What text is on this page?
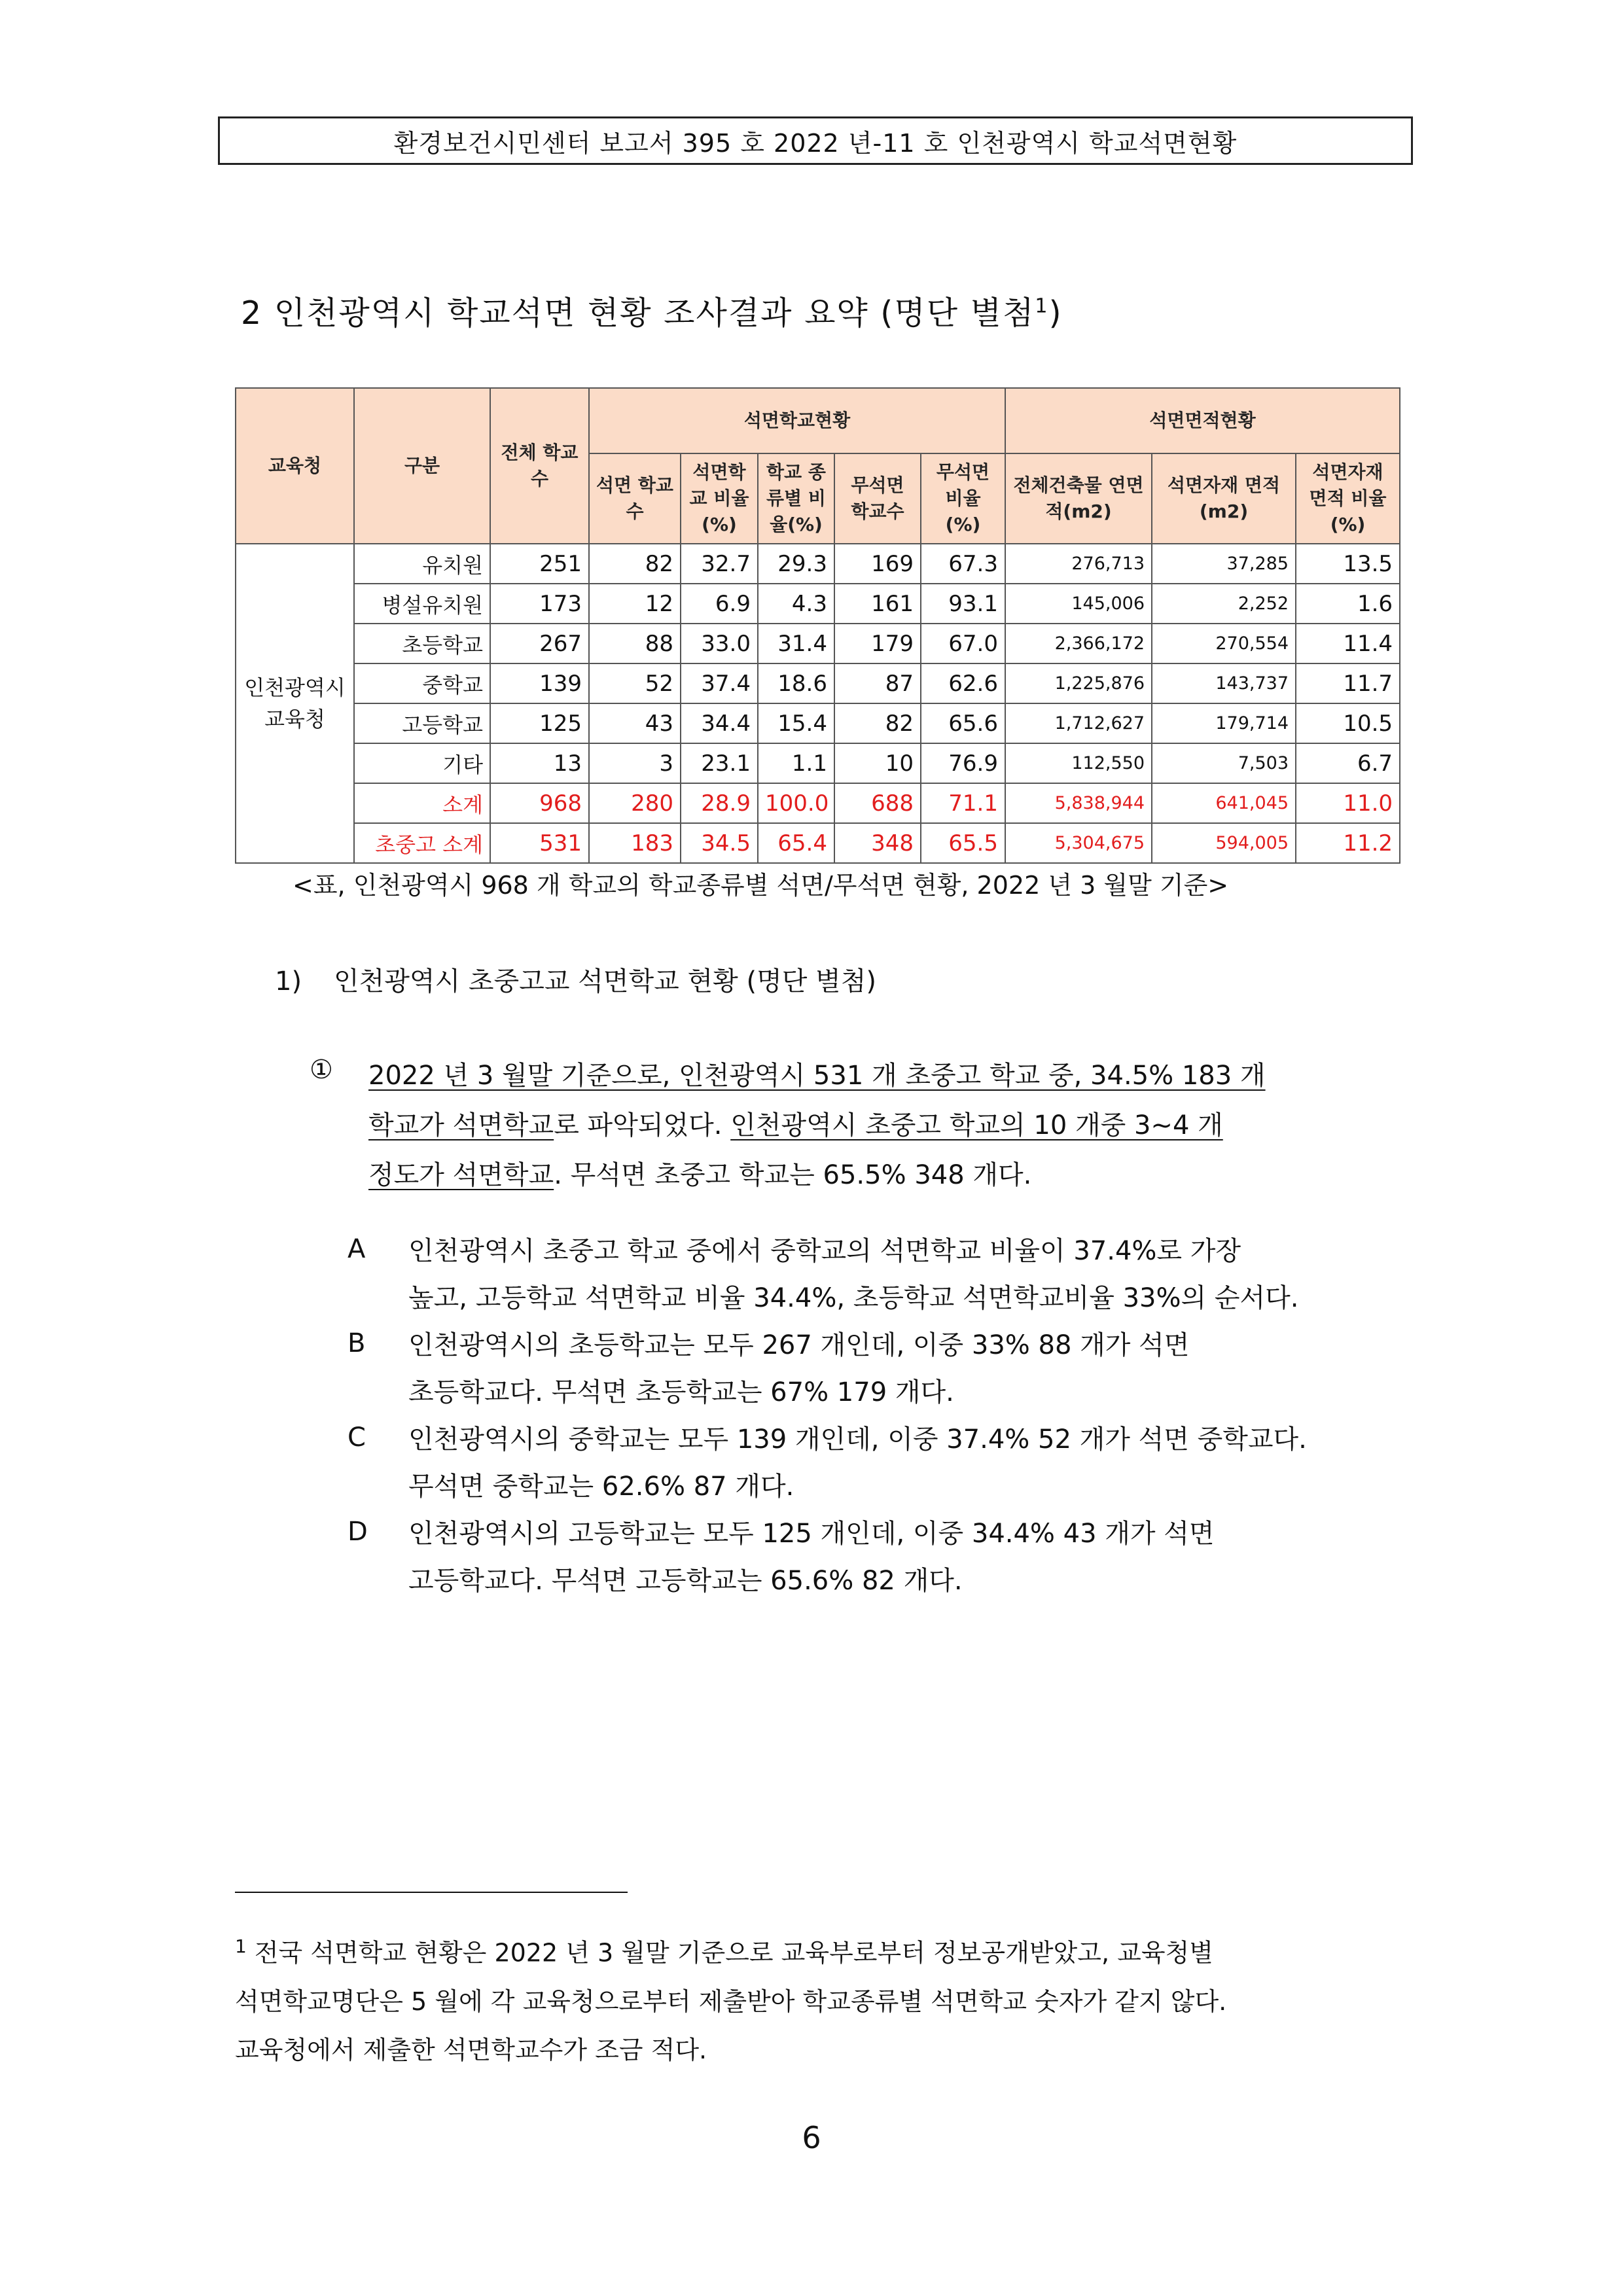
환경보건시민센터 보고서 395 호 2022 년-11 호 인천광역시 학교석면현황
2 인천광역시 학교석면 현황 조사결과 요약 (명단 별첨$^1$)
교육청	구분	전체 학교수	석면학교현황					석면면적현황		
			석면 학교수	석면학교 비율(%)	학교 종류별 비율(%)	무석면 학교수	무석면 비율(%)	전체건축물 연면적(m2)	석면자재 면적(m2)	석면자재 면적 비율(%)
인천광역시 교육청	유치원	251	82	32.7	29.3	169	67.3	276,713	37,285	13.5
	병설유치원	173	12	6.9	4.3	161	93.1	145,006	2,252	1.6
	초등학교	267	88	33.0	31.4	179	67.0	2,366,172	270,554	11.4
	중학교	139	52	37.4	18.6	87	62.6	1,225,876	143,737	11.7
	고등학교	125	43	34.4	15.4	82	65.6	1,712,627	179,714	10.5
	기타	13	3	23.1	1.1	10	76.9	112,550	7,503	6.7
	소계	968	280	28.9	100.0	688	71.1	5,838,944	641,045	11.0
	초중고 소계	531	183	34.5	65.4	348	65.5	5,304,675	594,005	11.2
<표, 인천광역시 968 개 학교의 학교종류별 석면/무석면 현황, 2022 년 3 월말 기준>
1) 인천광역시 초중고교 석면학교 현황 (명단 별첨)
① 2022 년 3 월말 기준으로, 인천광역시 531 개 초중고 학교 중, 34.5% 183 개
학교가 석면학교로 파악되었다. 인천광역시 초중고 학교의 10 개중 3~4 개
정도가 석면학교. 무석면 초중고 학교는 65.5% 348 개다.
A 인천광역시 초중고 학교 중에서 중학교의 석면학교 비율이 37.4%로 가장
높고, 고등학교 석면학교 비율 34.4%, 초등학교 석면학교비율 33%의 순서다.
B 인천광역시의 초등학교는 모두 267 개인데, 이중 33% 88 개가 석면
초등학교다. 무석면 초등학교는 67% 179 개다.
C 인천광역시의 중학교는 모두 139 개인데, 이중 37.4% 52 개가 석면 중학교다.
무석면 중학교는 62.6% 87 개다.
D 인천광역시의 고등학교는 모두 125 개인데, 이중 34.4% 43 개가 석면
고등학교다. 무석면 고등학교는 65.6% 82 개다.
$^1$ 전국 석면학교 현황은 2022 년 3 월말 기준으로 교육부로부터 정보공개받았고, 교육청별
석면학교명단은 5 월에 각 교육청으로부터 제출받아 학교종류별 석면학교 숫자가 같지 않다.
교육청에서 제출한 석면학교수가 조금 적다.
6
